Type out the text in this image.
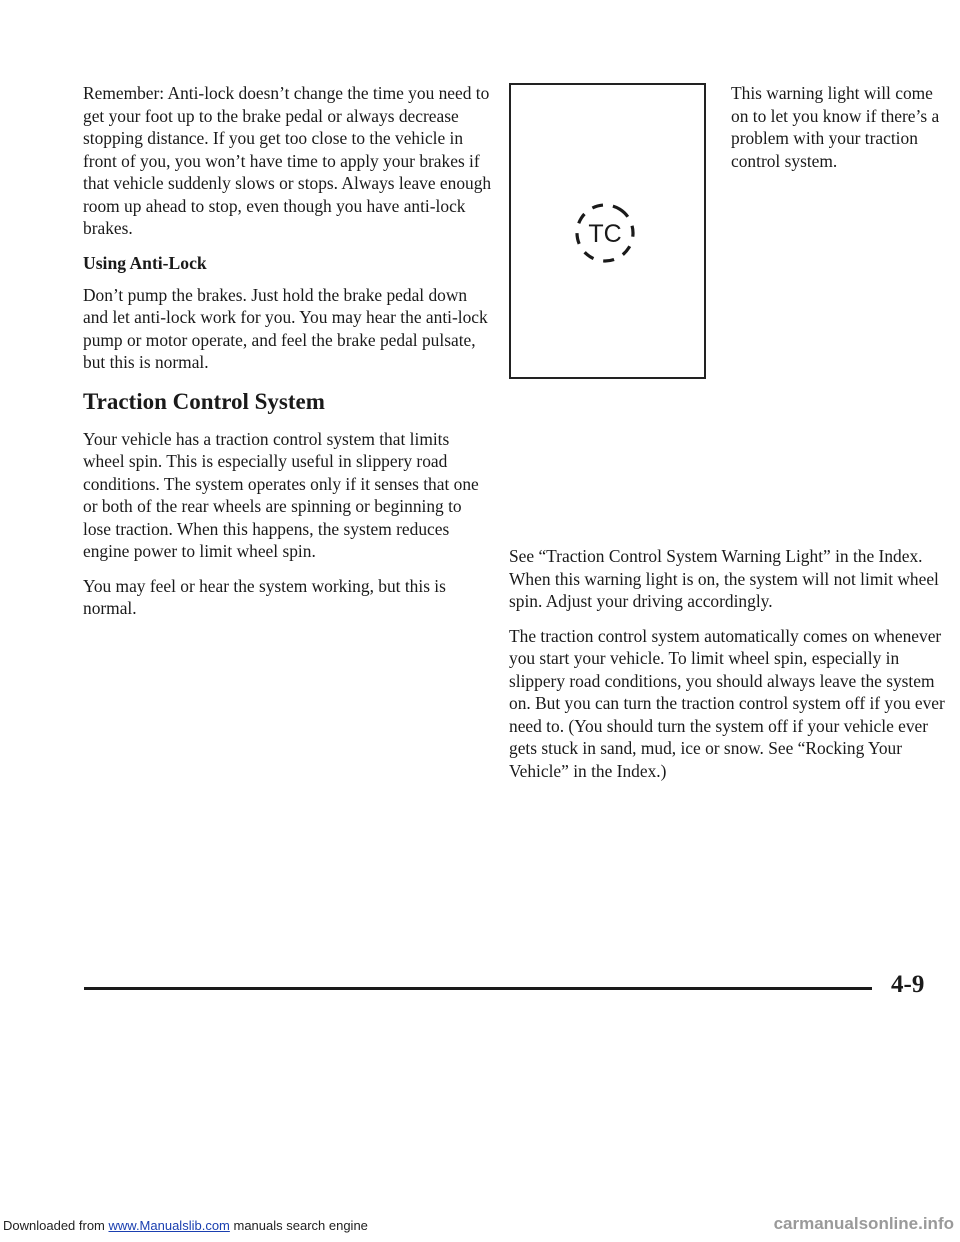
Downloaded from www.Manualslib.com manuals search engine

Remember: Anti-lock doesn’t change the time you need to get your foot up to the brake pedal or always decrease stopping distance. If you get too close to the vehicle in front of you, you won’t have time to apply your brakes if that vehicle suddenly slows or stops. Always leave enough room up ahead to stop, even though you have anti-lock brakes.

Using Anti-Lock

Don’t pump the brakes. Just hold the brake pedal down and let anti-lock work for you. You may hear the anti-lock pump or motor operate, and feel the brake pedal pulsate, but this is normal.

Traction Control System

Your vehicle has a traction control system that limits wheel spin. This is especially useful in slippery road conditions. The system operates only if it senses that one or both of the rear wheels are spinning or beginning to lose traction. When this happens, the system reduces engine power to limit wheel spin.

You may feel or hear the system working, but this is normal.

TC

This warning light will come on to let you know if there’s a problem with your traction control system.

See “Traction Control System Warning Light” in the Index. When this warning light is on, the system will not limit wheel spin. Adjust your driving accordingly.

The traction control system automatically comes on whenever you start your vehicle. To limit wheel spin, especially in slippery road conditions, you should always leave the system on. But you can turn the traction control system off if you ever need to. (You should turn the system off if your vehicle ever gets stuck in sand, mud, ice or snow. See “Rocking Your Vehicle” in the Index.)

4-9
carmanualsonline.info
